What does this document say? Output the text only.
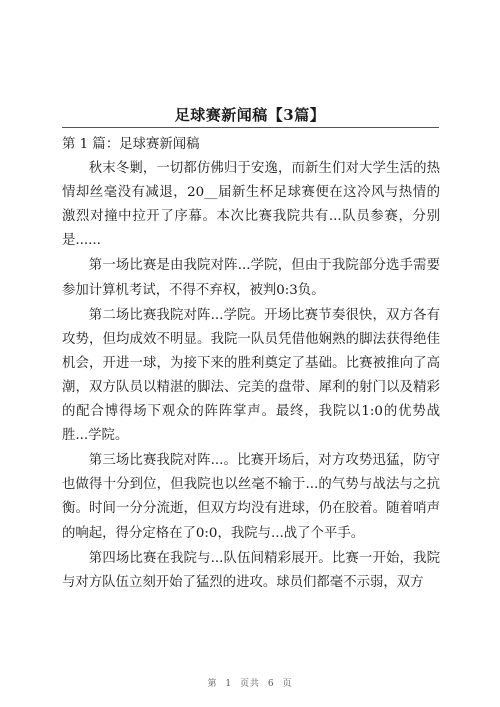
足球赛新闻稿【3篇】

第 1 篇：足球赛新闻稿

秋末冬剿，一切都仿佛归于安逸，而新生们对大学生活的热情却丝毫没有减退，20__届新生杯足球赛便在这冷风与热情的激烈对撞中拉开了序幕。本次比赛我院共有...队员参赛，分别是......

第一场比赛是由我院对阵...学院，但由于我院部分选手需要参加计算机考试，不得不弃权，被判0:3负。

第二场比赛我院对阵...学院。开场比赛节奏很快，双方各有攻势，但均成效不明显。我院一队员凭借他娴熟的脚法获得绝佳机会，开进一球，为接下来的胜利奠定了基础。比赛被推向了高潮，双方队员以精湛的脚法、完美的盘带、犀利的射门以及精彩的配合博得场下观众的阵阵掌声。最终，我院以1:0的优势战胜...学院。

第三场比赛我院对阵...。比赛开场后，对方攻势迅猛，防守也做得十分到位，但我院也以丝毫不输于...的气势与战法与之抗衡。时间一分分流逝，但双方均没有进球，仍在胶着。随着哨声的响起，得分定格在了0:0，我院与...战了个平手。

第四场比赛在我院与...队伍间精彩展开。比赛一开始，我院与对方队伍立刻开始了猛烈的进攻。球员们都毫不示弱，双方

第 1 页共 6 页
